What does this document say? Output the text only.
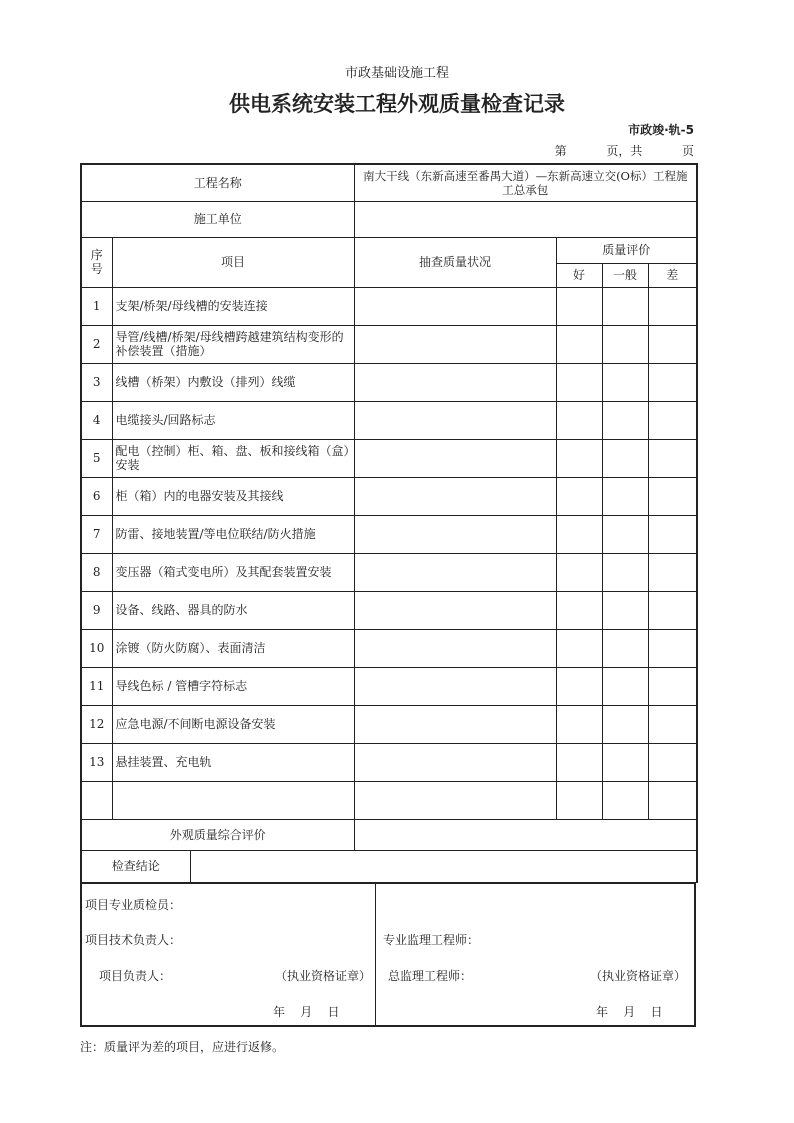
市政基础设施工程
供电系统安装工程外观质量检查记录
市政竣·轨-5
第	页，共	页
工程名称			南大干线（东新高速至番禺大道）—东新高速立交(O标）工程施工总承包			
施工单位						
序号	项目		抽查质量状况	质量评价		
				好	一般	差
1	支架/桥架/母线槽的安装连接					
2	导管/线槽/桥架/母线槽跨越建筑结构变形的补偿装置（措施）					
3	线槽（桥架）内敷设（排列）线缆					
4	电缆接头/回路标志					
5	配电（控制）柜、箱、盘、板和接线箱（盒）安装					
6	柜（箱）内的电器安装及其接线					
7	防雷、接地装置/等电位联结/防火措施					
8	变压器（箱式变电所）及其配套装置安装					
9	设备、线路、器具的防水					
10	涂镀（防火防腐）、表面清洁					
11	导线色标 / 管槽字符标志					
12	应急电源/不间断电源设备安装					
13	悬挂装置、充电轨					

外观质量综合评价						
检查结论						
项目专业质检员：
项目技术负责人：
项目负责人：	（执业资格证章）
年    月    日
专业监理工程师：
总监理工程师：	（执业资格证章）
年    月    日
注：质量评为差的项目，应进行返修。
